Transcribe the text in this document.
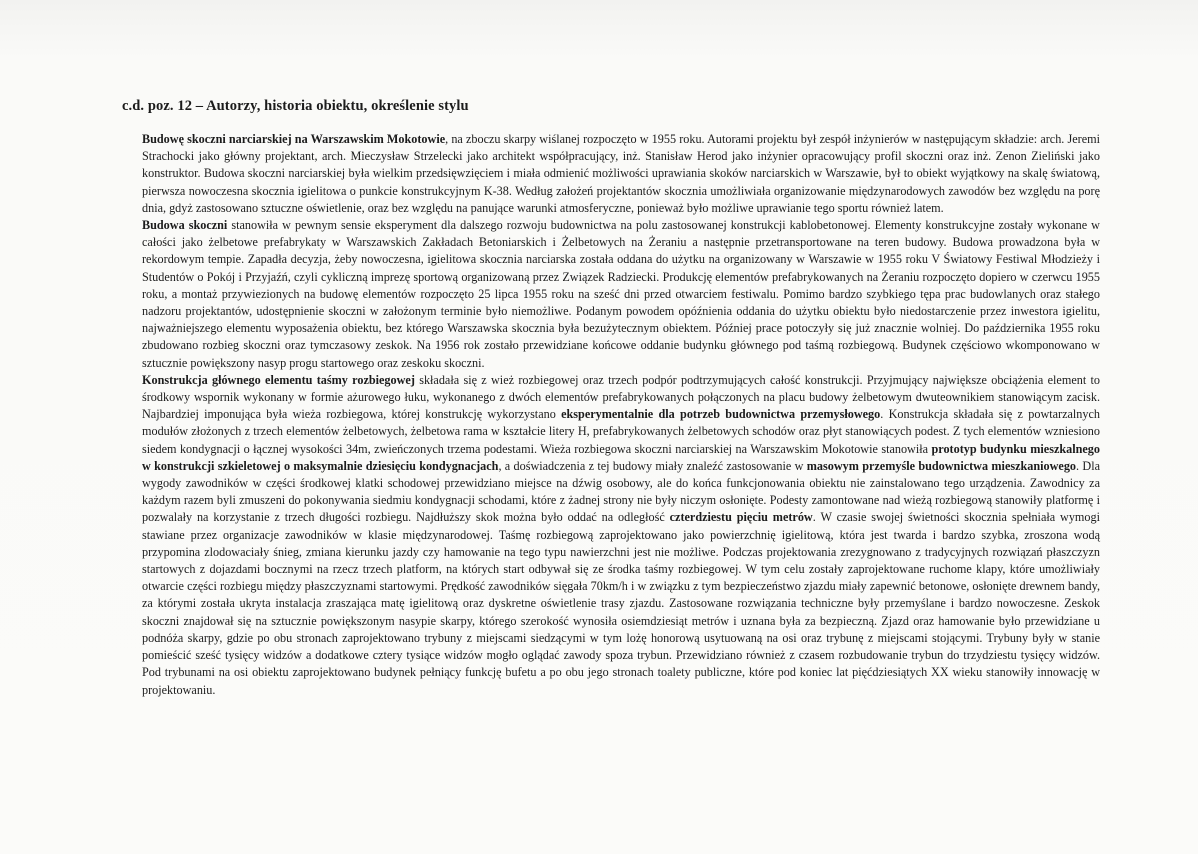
c.d. poz. 12 – Autorzy, historia obiektu, określenie stylu

Budowę skoczni narciarskiej na Warszawskim Mokotowie, na zboczu skarpy wiślanej rozpoczęto w 1955 roku. Autorami projektu był zespół inżynierów w następującym składzie: arch. Jeremi Strachocki jako główny projektant, arch. Mieczysław Strzelecki jako architekt współpracujący, inż. Stanisław Herod jako inżynier opracowujący profil skoczni oraz inż. Zenon Zieliński jako konstruktor. Budowa skoczni narciarskiej była wielkim przedsięwzięciem i miała odmienić możliwości uprawiania skoków narciarskich w Warszawie, był to obiekt wyjątkowy na skalę światową, pierwsza nowoczesna skocznia igielitowa o punkcie konstrukcyjnym K-38. Według założeń projektantów skocznia umożliwiała organizowanie międzynarodowych zawodów bez względu na porę dnia, gdyż zastosowano sztuczne oświetlenie, oraz bez względu na panujące warunki atmosferyczne, ponieważ było możliwe uprawianie tego sportu również latem.

Budowa skoczni stanowiła w pewnym sensie eksperyment dla dalszego rozwoju budownictwa na polu zastosowanej konstrukcji kablobetonowej. Elementy konstrukcyjne zostały wykonane w całości jako żelbetowe prefabrykaty w Warszawskich Zakładach Betoniarskich i Żelbetowych na Żeraniu a następnie przetransportowane na teren budowy. Budowa prowadzona była w rekordowym tempie. Zapadła decyzja, żeby nowoczesna, igielitowa skocznia narciarska została oddana do użytku na organizowany w Warszawie w 1955 roku V Światowy Festiwal Młodzieży i Studentów o Pokój i Przyjaźń, czyli cykliczną imprezę sportową organizowaną przez Związek Radziecki. Produkcję elementów prefabrykowanych na Żeraniu rozpoczęto dopiero w czerwcu 1955 roku, a montaż przywiezionych na budowę elementów rozpoczęto 25 lipca 1955 roku na sześć dni przed otwarciem festiwalu. Pomimo bardzo szybkiego tępa prac budowlanych oraz stałego nadzoru projektantów, udostępnienie skoczni w założonym terminie było niemożliwe. Podanym powodem opóźnienia oddania do użytku obiektu było niedostarczenie przez inwestora igielitu, najważniejszego elementu wyposażenia obiektu, bez którego Warszawska skocznia była bezużytecznym obiektem. Później prace potoczyły się już znacznie wolniej. Do października 1955 roku zbudowano rozbieg skoczni oraz tymczasowy zeskok. Na 1956 rok zostało przewidziane końcowe oddanie budynku głównego pod taśmą rozbiegową. Budynek częściowo wkomponowano w sztucznie powiększony nasyp progu startowego oraz zeskoku skoczni.

Konstrukcja głównego elementu taśmy rozbiegowej składała się z wież rozbiegowej oraz trzech podpór podtrzymujących całość konstrukcji. Przyjmujący największe obciążenia element to środkowy wspornik wykonany w formie ażurowego łuku, wykonanego z dwóch elementów prefabrykowanych połączonych na placu budowy żelbetowym dwuteownikiem stanowiącym zacisk. Najbardziej imponująca była wieża rozbiegowa, której konstrukcję wykorzystano eksperymentalnie dla potrzeb budownictwa przemysłowego. Konstrukcja składała się z powtarzalnych modułów złożonych z trzech elementów żelbetowych, żelbetowa rama w kształcie litery H, prefabrykowanych żelbetowych schodów oraz płyt stanowiących podest. Z tych elementów wzniesiono siedem kondygnacji o łącznej wysokości 34m, zwieńczonych trzema podestami. Wieża rozbiegowa skoczni narciarskiej na Warszawskim Mokotowie stanowiła prototyp budynku mieszkalnego w konstrukcji szkieletowej o maksymalnie dziesięciu kondygnacjach, a doświadczenia z tej budowy miały znaleźć zastosowanie w masowym przemyśle budownictwa mieszkaniowego. Dla wygody zawodników w części środkowej klatki schodowej przewidziano miejsce na dźwig osobowy, ale do końca funkcjonowania obiektu nie zainstalowano tego urządzenia. Zawodnicy za każdym razem byli zmuszeni do pokonywania siedmiu kondygnacji schodami, które z żadnej strony nie były niczym osłonięte. Podesty zamontowane nad wieżą rozbiegową stanowiły platformę i pozwalały na korzystanie z trzech długości rozbiegu. Najdłuższy skok można było oddać na odległość czterdziestu pięciu metrów. W czasie swojej świetności skocznia spełniała wymogi stawiane przez organizacje zawodników w klasie międzynarodowej. Taśmę rozbiegową zaprojektowano jako powierzchnię igielitową, która jest twarda i bardzo szybka, zroszona wodą przypomina zlodowaciały śnieg, zmiana kierunku jazdy czy hamowanie na tego typu nawierzchni jest nie możliwe. Podczas projektowania zrezygnowano z tradycyjnych rozwiązań płaszczyzn startowych z dojazdami bocznymi na rzecz trzech platform, na których start odbywał się ze środka taśmy rozbiegowej. W tym celu zostały zaprojektowane ruchome klapy, które umożliwiały otwarcie części rozbiegu między płaszczyznami startowymi. Prędkość zawodników sięgała 70km/h i w związku z tym bezpieczeństwo zjazdu miały zapewnić betonowe, osłonięte drewnem bandy, za którymi została ukryta instalacja zraszająca matę igielitową oraz dyskretne oświetlenie trasy zjazdu. Zastosowane rozwiązania techniczne były przemyślane i bardzo nowoczesne. Zeskok skoczni znajdował się na sztucznie powiększonym nasypie skarpy, którego szerokość wynosiła osiemdziesiąt metrów i uznana była za bezpieczną. Zjazd oraz hamowanie było przewidziane u podnóża skarpy, gdzie po obu stronach zaprojektowano trybuny z miejscami siedzącymi w tym lożę honorową usytuowaną na osi oraz trybunę z miejscami stojącymi. Trybuny były w stanie pomieścić sześć tysięcy widzów a dodatkowe cztery tysiące widzów mogło oglądać zawody spoza trybun. Przewidziano również z czasem rozbudowanie trybun do trzydziestu tysięcy widzów. Pod trybunami na osi obiektu zaprojektowano budynek pełniący funkcję bufetu a po obu jego stronach toalety publiczne, które pod koniec lat pięćdziesiątych XX wieku stanowiły innowację w projektowaniu.
